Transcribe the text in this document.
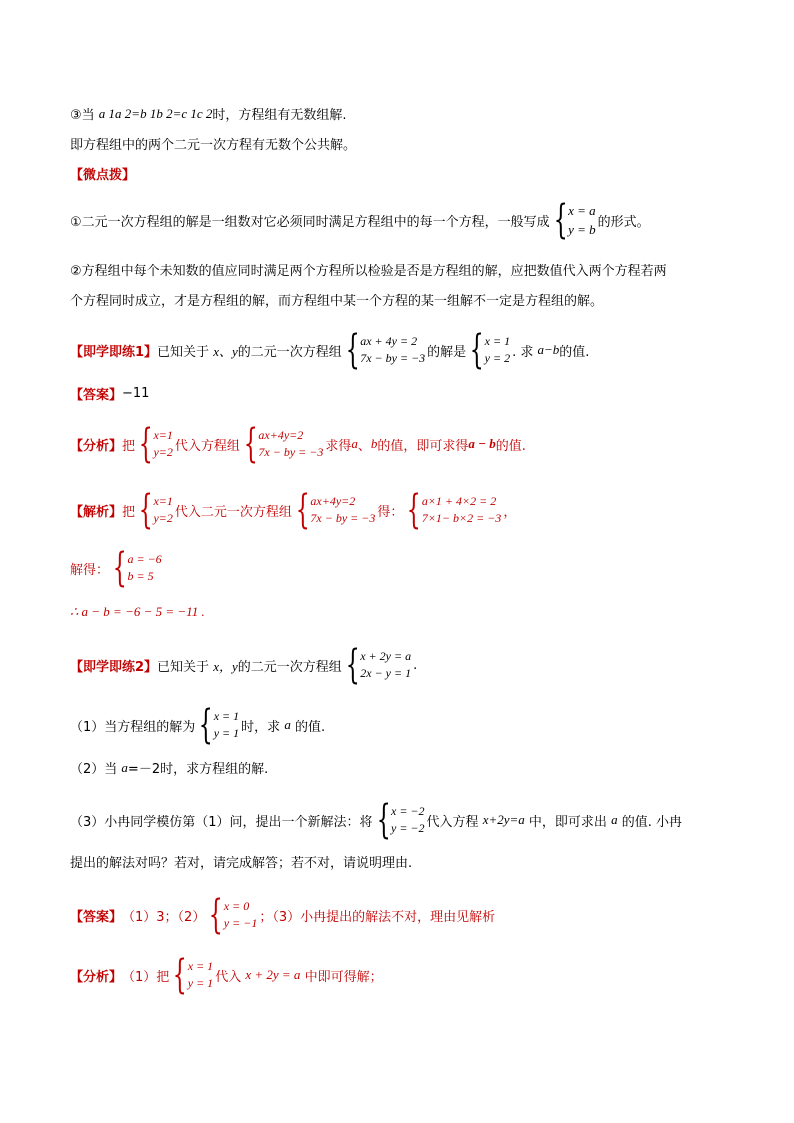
③当
a 1a 2=b 1b 2=c 1c 2 时，方程组有无数组解.
即方程组中的两个二元一次方程有无数个公共解。
【微点拨】
①二元一次方程组的解是一组数对它必须同时满足方程组中的每一个方程，一般写成 { x = a
y = b 的形式。
②方程组中每个未知数的值应同时满足两个方程所以检验是否是方程组的解，应把数值代入两个方程若两
个方程同时成立，才是方程组的解，而方程组中某一个方程的某一组解不一定是方程组的解。
【即学即练1】 已知关于
x、y 的二元一次方程组 { ax + 4y = 2
7x − by = −3 的解是 { x = 1
y = 2 . 求
a−b 的值.
【答案】 −11
【分析】 把 { x=1
y=2 代入方程组 { ax+4y=2
7x − by = −3 求得 a 、 b 的值，即可求得 a − b 的值.
【解析】 把 { x=1
y=2 代入二元一次方程组 { ax+4y=2
7x − by = −3 得： { a×1 + 4×2 = 2
7×1− b×2 = −3 ，
解得： { a = −6
b = 5
∴ a − b = −6 − 5 = −11 .
【即学即练2】 已知关于
x，y 的二元一次方程组 { x + 2y = a
2x − y = 1
.
（1）当方程组的解为 { x = 1
y = 1 时，求
a
的值.
（2）当
a =－2时，求方程组的解.
（3）小冉同学模仿第（1）问，提出一个新解法：将 { x = −2
y = −2 代入方程
x+2y=a
中，即可求出
a
的值. 小冉
提出的解法对吗？若对，请完成解答；若不对，请说明理由.
【答案】 （1）3；（2） { x = 0
y = −1 ；（3）小冉提出的解法不对，理由见解析
【分析】 （1）把 { x = 1
y = 1 代入
x + 2y = a
中即可得解；
